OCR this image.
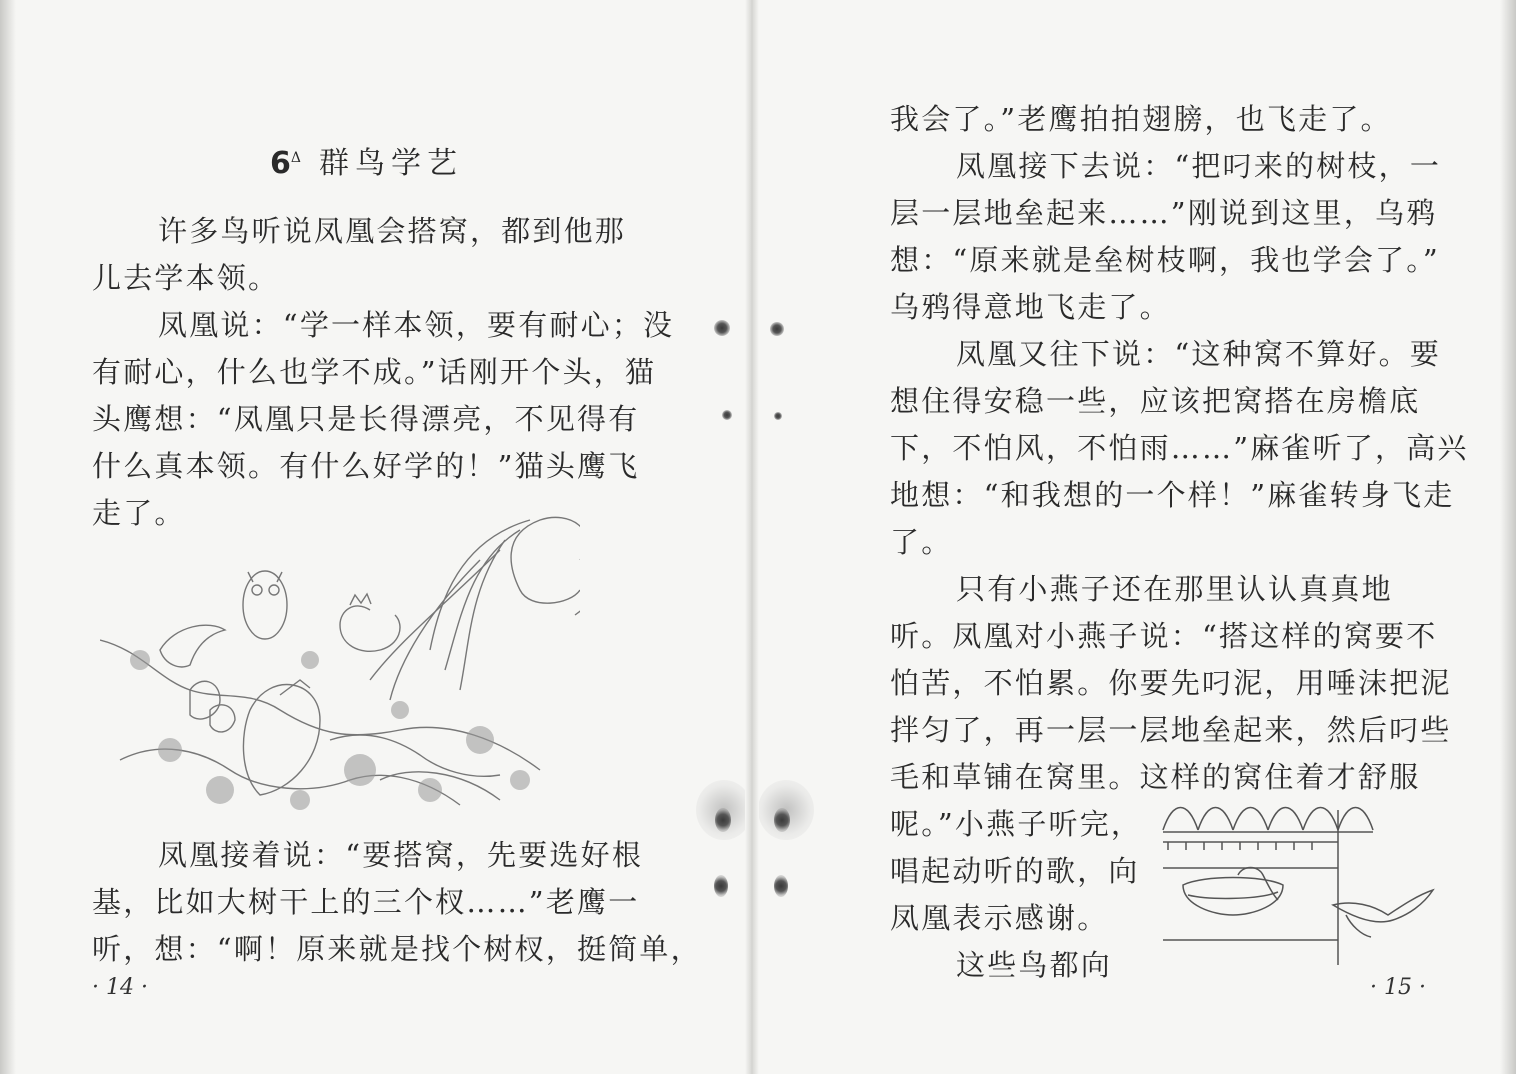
$6^\Delta$ 群鸟学艺
许多鸟听说凤凰会搭窝，都到他那
儿去学本领。
凤凰说：“学一样本领，要有耐心；没
有耐心，什么也学不成。”话刚开个头，猫
头鹰想：“凤凰只是长得漂亮，不见得有
什么真本领。有什么好学的！”猫头鹰飞
走了。
凤凰接着说：“要搭窝，先要选好根
基，比如大树干上的三个杈……”老鹰一
听，想：“啊！原来就是找个树杈，挺简单，
· 14 ·
我会了。”老鹰拍拍翅膀，也飞走了。
凤凰接下去说：“把叼来的树枝，一
层一层地垒起来……”刚说到这里，乌鸦
想：“原来就是垒树枝啊，我也学会了。”
乌鸦得意地飞走了。
凤凰又往下说：“这种窝不算好。要
想住得安稳一些，应该把窝搭在房檐底
下，不怕风，不怕雨……”麻雀听了，高兴
地想：“和我想的一个样！”麻雀转身飞走
了。
只有小燕子还在那里认认真真地
听。凤凰对小燕子说：“搭这样的窝要不
怕苦，不怕累。你要先叼泥，用唾沫把泥
拌匀了，再一层一层地垒起来，然后叼些
毛和草铺在窝里。这样的窝住着才舒服
呢。”小燕子听完，
唱起动听的歌，向
凤凰表示感谢。
这些鸟都向
· 15 ·
